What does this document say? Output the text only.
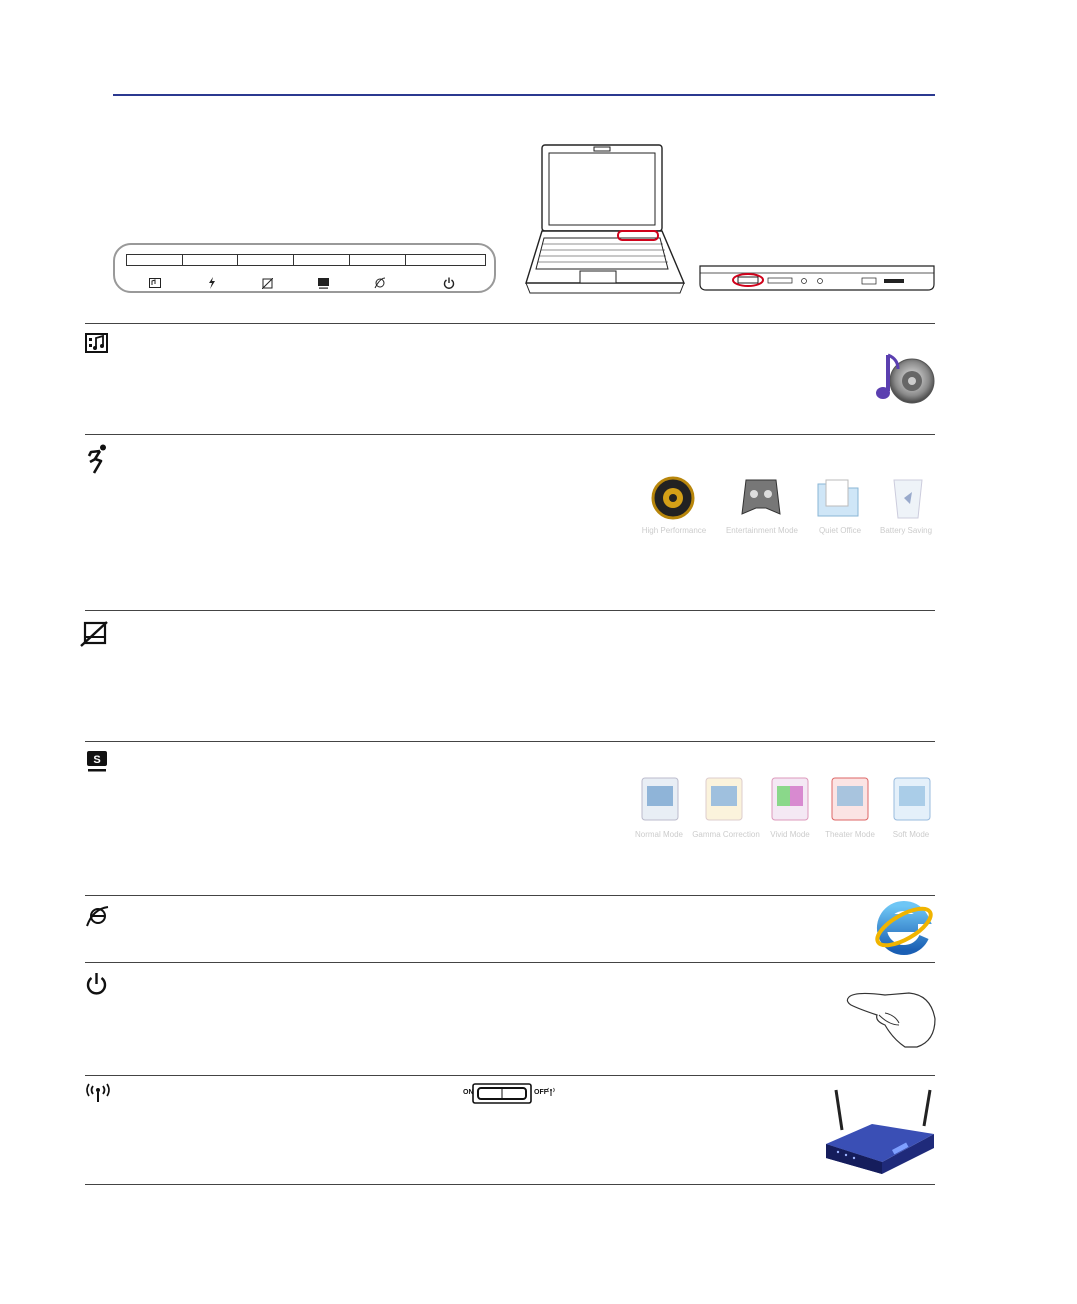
High Performance	Entertainment Mode	Quiet Office	Battery Saving
S
Normal Mode	Gamma Correction	Vivid Mode	Theater Mode	Soft Mode
ON	OFF
